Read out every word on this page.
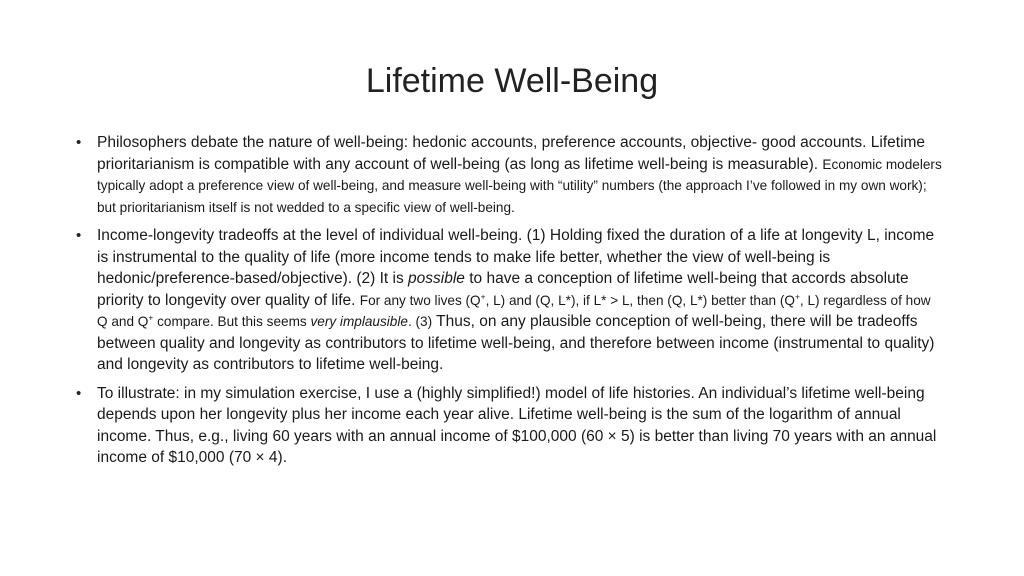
Lifetime Well-Being
• Philosophers debate the nature of well-being: hedonic accounts, preference accounts, objective- good accounts. Lifetime prioritarianism is compatible with any account of well-being (as long as lifetime well-being is measurable). Economic modelers typically adopt a preference view of well-being, and measure well-being with “utility” numbers (the approach I’ve followed in my own work); but prioritarianism itself is not wedded to a specific view of well-being.
• Income-longevity tradeoffs at the level of individual well-being. (1) Holding fixed the duration of a life at longevity L, income is instrumental to the quality of life (more income tends to make life better, whether the view of well-being is hedonic/preference-based/objective). (2) It is possible to have a conception of lifetime well-being that accords absolute priority to longevity over quality of life. For any two lives (Q+, L) and (Q, L*), if L* > L, then (Q, L*) better than (Q+, L) regardless of how Q and Q+ compare. But this seems very implausible. (3) Thus, on any plausible conception of well-being, there will be tradeoffs between quality and longevity as contributors to lifetime well-being, and therefore between income (instrumental to quality) and longevity as contributors to lifetime well-being.
• To illustrate: in my simulation exercise, I use a (highly simplified!) model of life histories. An individual’s lifetime well-being depends upon her longevity plus her income each year alive. Lifetime well-being is the sum of the logarithm of annual income. Thus, e.g., living 60 years with an annual income of $100,000 (60 × 5) is better than living 70 years with an annual income of $10,000 (70 × 4).
